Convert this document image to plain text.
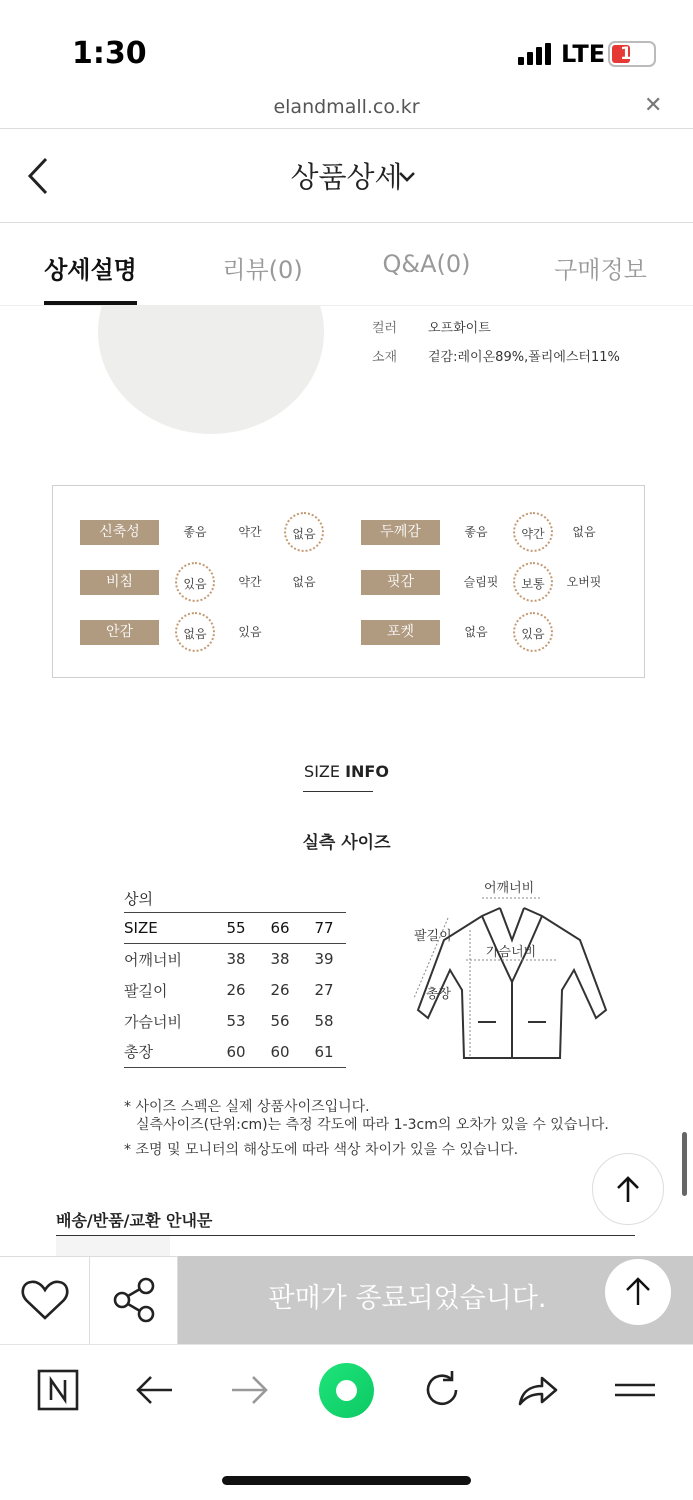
1:30	LTE 14
elandmall.co.kr	✕
상품상세
상세설명	리뷰(0)	Q&A(0)	구매정보
컬러 오프화이트
소재 겉감:레이온89%,폴리에스터11%
신축성	좋음	약간	없음	두께감	좋음	약간	없음
비침	있음	약간	없음	핏감	슬림핏	보통	오버핏
안감	없음	있음	포켓	없음	있음
SIZE INFO
실측 사이즈
상의
SIZE	55	66	77
어깨너비	38	38	39
팔길이	26	26	27
가슴너비	53	56	58
총장	60	60	61
어깨너비
팔길이
가슴너비
총장
* 사이즈 스펙은 실제 상품사이즈입니다.
실측사이즈(단위:cm)는 측정 각도에 따라 1-3cm의 오차가 있을 수 있습니다.
* 조명 및 모니터의 해상도에 따라 색상 차이가 있을 수 있습니다.
배송/반품/교환 안내문
판매가 종료되었습니다.
